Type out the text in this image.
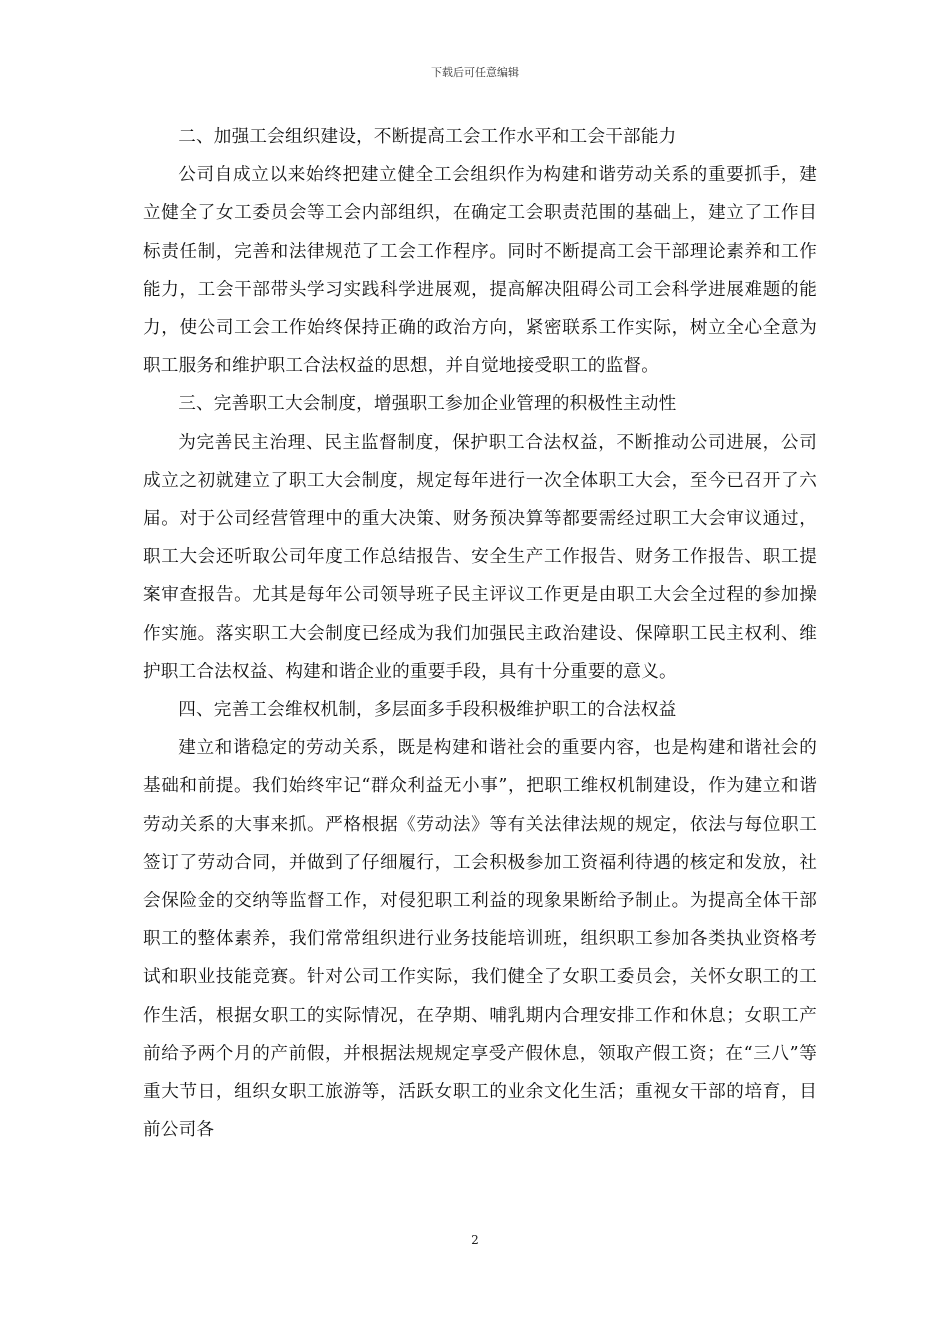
下载后可任意编辑

二、加强工会组织建设，不断提高工会工作水平和工会干部能力

公司自成立以来始终把建立健全工会组织作为构建和谐劳动关系的重要抓手，建立健全了女工委员会等工会内部组织，在确定工会职责范围的基础上，建立了工作目标责任制，完善和法律规范了工会工作程序。同时不断提高工会干部理论素养和工作能力，工会干部带头学习实践科学进展观，提高解决阻碍公司工会科学进展难题的能力，使公司工会工作始终保持正确的政治方向，紧密联系工作实际，树立全心全意为职工服务和维护职工合法权益的思想，并自觉地接受职工的监督。

三、完善职工大会制度，增强职工参加企业管理的积极性主动性

为完善民主治理、民主监督制度，保护职工合法权益，不断推动公司进展，公司成立之初就建立了职工大会制度，规定每年进行一次全体职工大会，至今已召开了六届。对于公司经营管理中的重大决策、财务预决算等都要需经过职工大会审议通过，职工大会还听取公司年度工作总结报告、安全生产工作报告、财务工作报告、职工提案审查报告。尤其是每年公司领导班子民主评议工作更是由职工大会全过程的参加操作实施。落实职工大会制度已经成为我们加强民主政治建设、保障职工民主权利、维护职工合法权益、构建和谐企业的重要手段，具有十分重要的意义。

四、完善工会维权机制，多层面多手段积极维护职工的合法权益

建立和谐稳定的劳动关系，既是构建和谐社会的重要内容，也是构建和谐社会的基础和前提。我们始终牢记“群众利益无小事”，把职工维权机制建设，作为建立和谐劳动关系的大事来抓。严格根据《劳动法》等有关法律法规的规定，依法与每位职工签订了劳动合同，并做到了仔细履行，工会积极参加工资福利待遇的核定和发放，社会保险金的交纳等监督工作，对侵犯职工利益的现象果断给予制止。为提高全体干部职工的整体素养，我们常常组织进行业务技能培训班，组织职工参加各类执业资格考试和职业技能竞赛。针对公司工作实际，我们健全了女职工委员会，关怀女职工的工作生活，根据女职工的实际情况，在孕期、哺乳期内合理安排工作和休息；女职工产前给予两个月的产前假，并根据法规规定享受产假休息，领取产假工资；在“三八”等重大节日，组织女职工旅游等，活跃女职工的业余文化生活；重视女干部的培育，目前公司各

2
